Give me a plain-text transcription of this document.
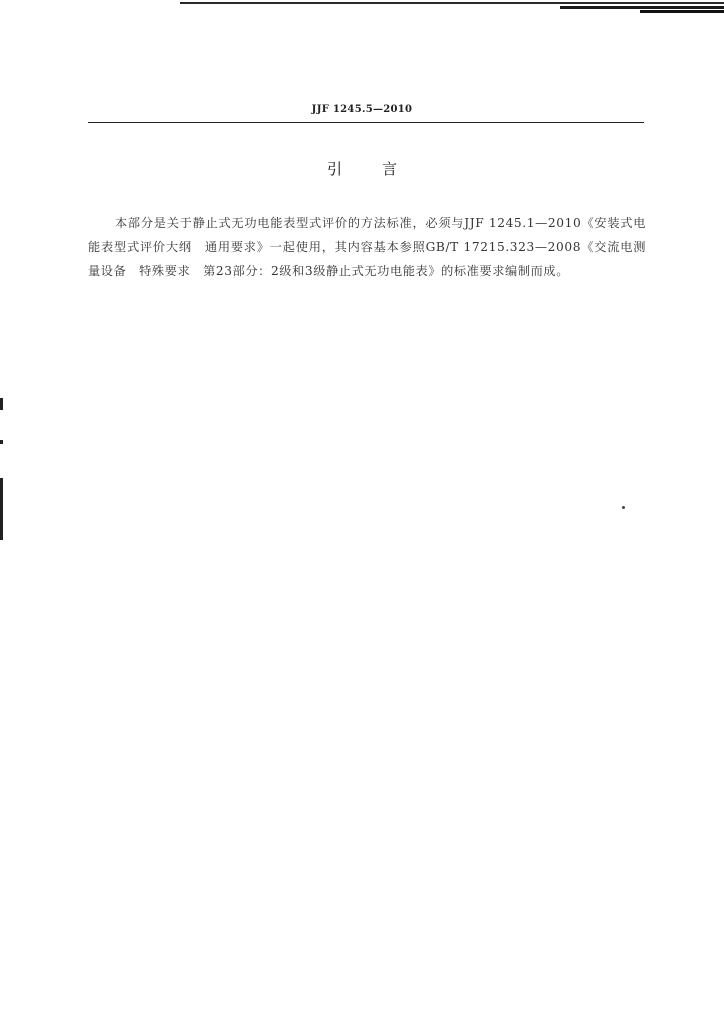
JJF 1245.5—2010
引言

本部分是关于静止式无功电能表型式评价的方法标准，必须与JJF 1245.1—2010《安装式电能表型式评价大纲　通用要求》一起使用，其内容基本参照GB/T 17215.323—2008《交流电测量设备　特殊要求　第23部分：2级和3级静止式无功电能表》的标准要求编制而成。
